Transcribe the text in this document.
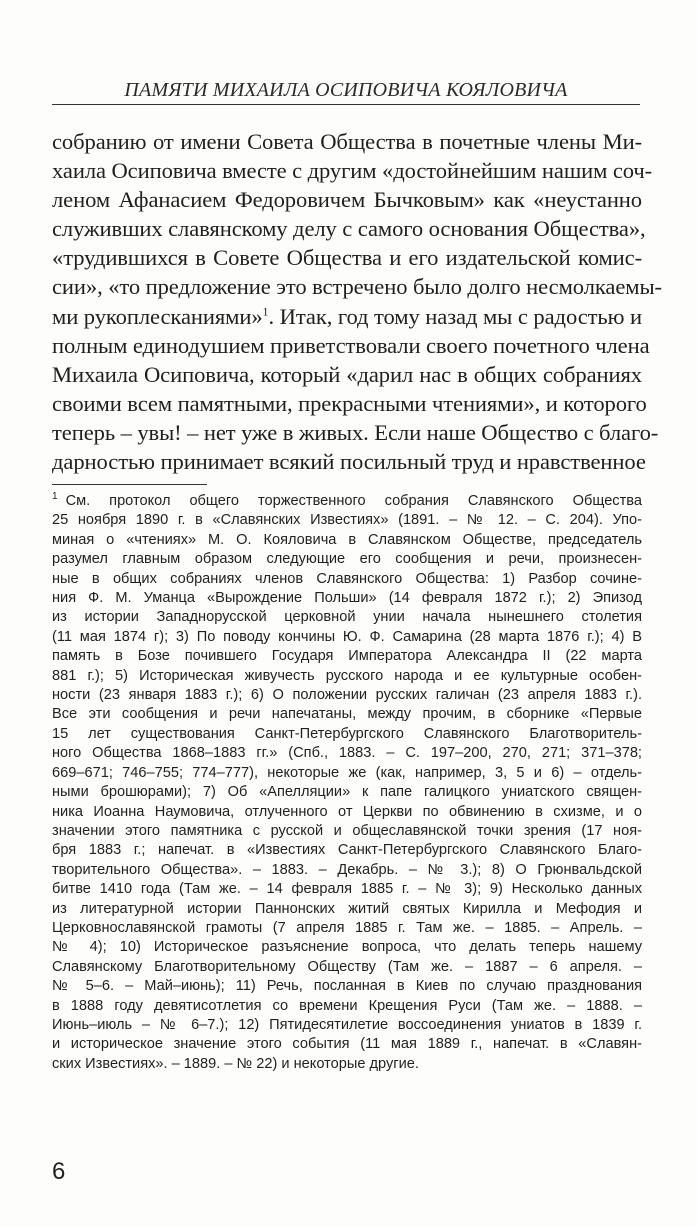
ПАМЯТИ МИХАИЛА ОСИПОВИЧА КОЯЛОВИЧА
собранию от имени Совета Общества в почетные члены Ми-
хаила Осиповича вместе с другим «достойнейшим нашим соч-
леном Афанасием Федоровичем Бычковым» как «неустанно
служивших славянскому делу с самого основания Общества»,
«трудившихся в Совете Общества и его издательской комис-
сии», «то предложение это встречено было долго несмолкаемы-
ми рукоплесканиями»$^1$. Итак, год тому назад мы с радостью и
полным единодушием приветствовали своего почетного члена
Михаила Осиповича, который «дарил нас в общих собраниях
своими всем памятными, прекрасными чтениями», и которого
теперь – увы! – нет уже в живых. Если наше Общество с благо-
дарностью принимает всякий посильный труд и нравственное
$^1$ См. протокол общего торжественного собрания Славянского Общества
25 ноября 1890 г. в «Славянских Известиях» (1891. – № 12. – С. 204). Упо-
миная о «чтениях» М. О. Кояловича в Славянском Обществе, председатель
разумел главным образом следующие его сообщения и речи, произнесен-
ные в общих собраниях членов Славянского Общества: 1) Разбор сочине-
ния Ф. М. Уманца «Вырождение Польши» (14 февраля 1872 г.); 2) Эпизод
из истории Западнорусской церковной унии начала нынешнего столетия
(11 мая 1874 г); 3) По поводу кончины Ю. Ф. Самарина (28 марта 1876 г.); 4) В
память в Бозе почившего Государя Императора Александра II (22 марта
881 г.); 5) Историческая живучесть русского народа и ее культурные особен-
ности (23 января 1883 г.); 6) О положении русских галичан (23 апреля 1883 г.).
Все эти сообщения и речи напечатаны, между прочим, в сборнике «Первые
15 лет существования Санкт-Петербургского Славянского Благотворитель-
ного Общества 1868–1883 гг.» (Спб., 1883. – С. 197–200, 270, 271; 371–378;
669–671; 746–755; 774–777), некоторые же (как, например, 3, 5 и 6) – отдель-
ными брошюрами); 7) Об «Апелляции» к папе галицкого униатского священ-
ника Иоанна Наумовича, отлученного от Церкви по обвинению в схизме, и о
значении этого памятника с русской и общеславянской точки зрения (17 ноя-
бря 1883 г.; напечат. в «Известиях Санкт-Петербургского Славянского Благо-
творительного Общества». – 1883. – Декабрь. – № 3.); 8) О Грюнвальдской
битве 1410 года (Там же. – 14 февраля 1885 г. – № 3); 9) Несколько данных
из литературной истории Паннонских житий святых Кирилла и Мефодия и
Церковнославянской грамоты (7 апреля 1885 г. Там же. – 1885. – Апрель. –
№ 4); 10) Историческое разъяснение вопроса, что делать теперь нашему
Славянскому Благотворительному Обществу (Там же. – 1887 – 6 апреля. –
№ 5–6. – Май–июнь); 11) Речь, посланная в Киев по случаю празднования
в 1888 году девятисотлетия со времени Крещения Руси (Там же. – 1888. –
Июнь–июль – № 6–7.); 12) Пятидесятилетие воссоединения униатов в 1839 г.
и историческое значение этого события (11 мая 1889 г., напечат. в «Славян-
ских Известиях». – 1889. – № 22) и некоторые другие.
6
